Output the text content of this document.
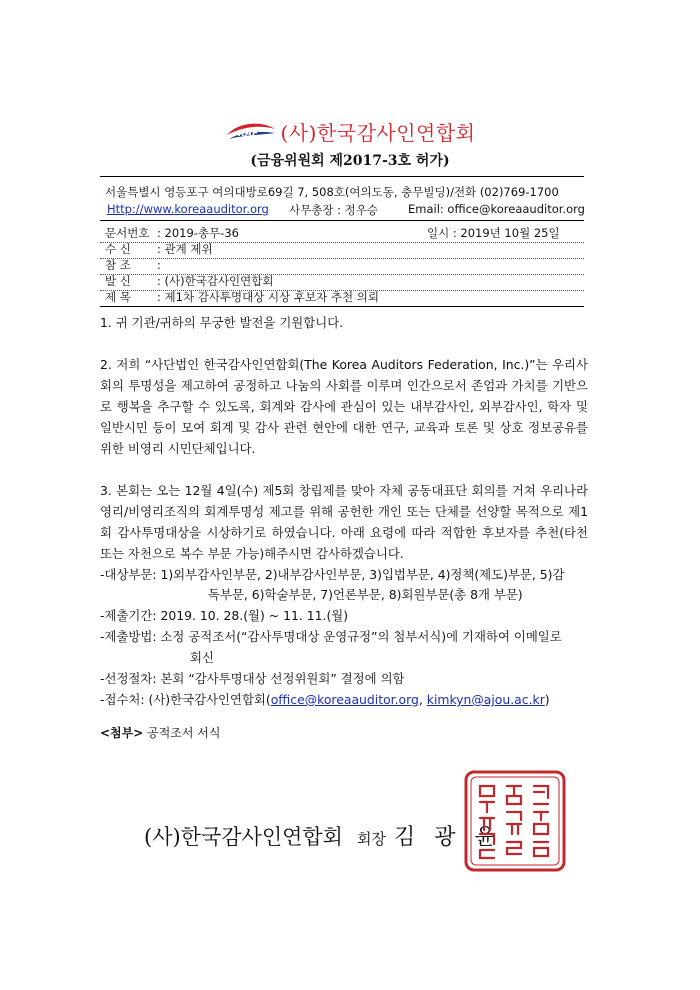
KAF (사)한국감사인연합회
(금융위원회 제2017-3호 허가)
서울특별시 영등포구 여의대방로69길 7, 508호(여의도동, 충무빌딩)/전화 (02)769-1700
Http://www.koreaauditor.org 사무총장 : 정우승	Email: office@koreaauditor.org
문서번호 : 2019-총무-36	일시 : 2019년 10월 25일
수 신 : 관계 제위
참 조 :
발 신 : (사)한국감사인연합회
제 목 : 제1차 감사투명대상 시상 후보자 추천 의뢰
1. 귀 기관/귀하의 무궁한 발전을 기원합니다.
2. 저희 “사단법인 한국감사인연합회(The Korea Auditors Federation, Inc.)”는 우리사회의 투명성을 제고하여 공정하고 나눔의 사회를 이루며 인간으로서 존엄과 가치를 기반으로 행복을 추구할 수 있도록, 회계와 감사에 관심이 있는 내부감사인, 외부감사인, 학자 및 일반시민 등이 모여 회계 및 감사 관련 현안에 대한 연구, 교육과 토론 및 상호 정보공유를 위한 비영리 시민단체입니다.
3. 본회는 오는 12월 4일(수) 제5회 창립제를 맞아 자체 공동대표단 회의를 거쳐 우리나라 영리/비영리조직의 회계투명성 제고를 위해 공헌한 개인 또는 단체를 선양할 목적으로 제1회 감사투명대상을 시상하기로 하였습니다. 아래 요령에 따라 적합한 후보자를 추천(타천 또는 자천으로 복수 부문 가능)해주시면 감사하겠습니다.
-대상부문: 1)외부감사인부문, 2)내부감사인부문, 3)입법부문, 4)정책(제도)부문, 5)감
독부문, 6)학술부문, 7)언론부문, 8)회원부문(총 8개 부문)
-제출기간: 2019. 10. 28.(월) ~ 11. 11.(월)
-제출방법: 소정 공적조서(“감사투명대상 운영규정”의 첨부서식)에 기재하여 이메일로
회신
-선정절차: 본회 “감사투명대상 선정위원회” 결정에 의함
-접수처: (사)한국감사인연합회(office@koreaauditor.org, kimkyn@ajou.ac.kr)
<첨부> 공적조서 서식
(사)한국감사인연합회 회장 김 광 윤
